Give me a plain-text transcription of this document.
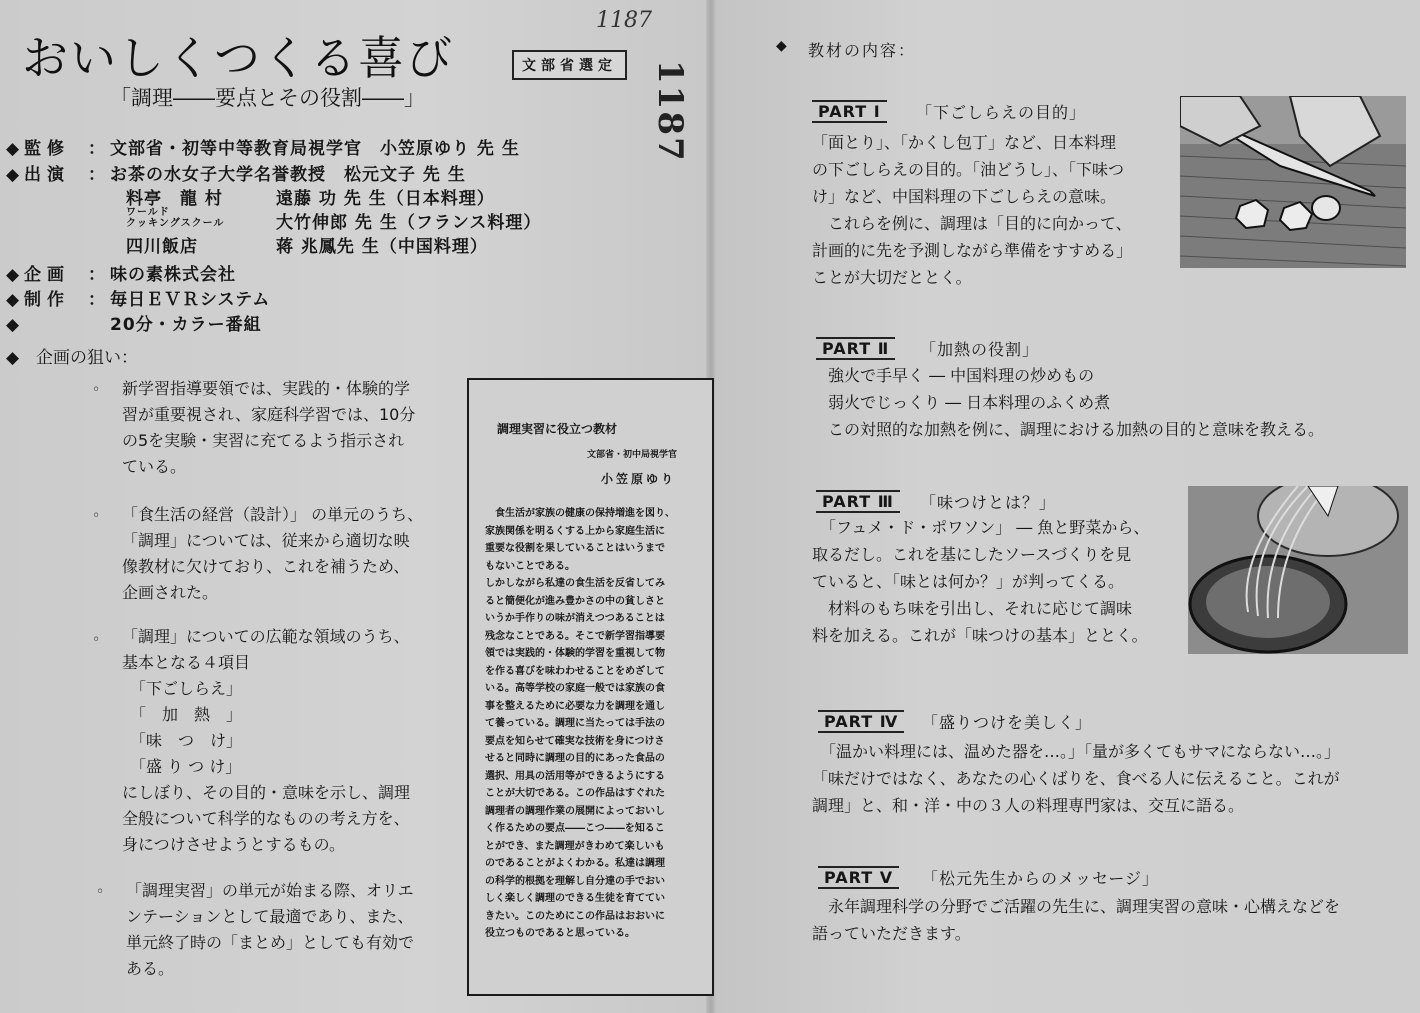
おいしくつくる喜び
「調理――要点とその役割――」
文部省選定
1187
1187
◆ 監修 ： 文部省・初等中等教育局視学官　小笠原ゆり 先 生
◆ 出演 ： お茶の水女子大学名誉教授　松元文子 先 生
料亭　龍 村	遠藤 功 先 生（日本料理）
ワールド
クッキングスクール	大竹伸郎 先 生（フランス料理）
四川飯店	蒋 兆鳳先 生（中国料理）
◆ 企画 ： 味の素株式会社
◆ 制作 ： 毎日ＥＶＲシステム
◆	20分・カラー番組
◆ 企画の狙い：
◦ 新学習指導要領では、実践的・体験的学
習が重要視され、家庭科学習では、10分
の5を実験・実習に充てるよう指示され
ている。
◦ 「食生活の経営（設計）」 の単元のうち、
「調理」については、従来から適切な映
像教材に欠けており、これを補うため、
企画された。
◦ 「調理」についての広範な領域のうち、
基本となる４項目
　「下ごしらえ」
　「　加　熱　」
　「味　つ　け」
　「盛 り つ け」
にしぼり、その目的・意味を示し、調理
全般について科学的なものの考え方を、
身につけさせようとするもの。
◦ 「調理実習」の単元が始まる際、オリエ
ンテーションとして最適であり、また、
単元終了時の「まとめ」としても有効で
ある。
調理実習に役立つ教材
文部省・初中局視学官
小笠原ゆり
　食生活が家族の健康の保持増進を図り、
家族関係を明るくする上から家庭生活に
重要な役割を果していることはいうまで
もないことである。
しかしながら私達の食生活を反省してみ
ると簡便化が進み豊かさの中の貧しさと
いうか手作りの味が消えつつあることは
残念なことである。そこで新学習指導要
領では実践的・体験的学習を重視して物
を作る喜びを味わわせることをめざして
いる。高等学校の家庭一般では家族の食
事を整えるために必要な力を調理を通し
て養っている。調理に当たっては手法の
要点を知らせて確実な技術を身につけさ
せると同時に調理の目的にあった食品の
選択、用具の活用等ができるようにする
ことが大切である。この作品はすぐれた
調理者の調理作業の展開によっておいし
く作るための要点――こつ――を知るこ
とができ、また調理がきわめて楽しいも
のであることがよくわかる。私達は調理
の科学的根拠を理解し自分達の手でおい
しく楽しく調理のできる生徒を育ててい
きたい。このためにこの作品はおおいに
役立つものであると思っている。
◆ 教材の内容：
PART Ⅰ	「下ごしらえの目的」
「面とり」、「かくし包丁」など、日本料理
の下ごしらえの目的。「油どうし」、「下味つ
け」など、中国料理の下ごしらえの意味。
　これらを例に、調理は「目的に向かって、
計画的に先を予測しながら準備をすすめる」
ことが大切だととく。
PART Ⅱ	「加熱の役割」
　強火で手早く ― 中国料理の炒めもの
　弱火でじっくり ― 日本料理のふくめ煮
　この対照的な加熱を例に、調理における加熱の目的と意味を教える。
PART Ⅲ	「味つけとは？」
　「フュメ・ド・ポワソン」 ― 魚と野菜から、
取るだし。これを基にしたソースづくりを見
ていると、「味とは何か？」が判ってくる。
　材料のもち味を引出し、それに応じて調味
料を加える。これが「味つけの基本」ととく。
PART Ⅳ	「盛りつけを美しく」
　「温かい料理には、温めた器を…。」「量が多くてもサマにならない…。」
「味だけではなく、あなたの心くばりを、食べる人に伝えること。これが
調理」と、和・洋・中の３人の料理専門家は、交互に語る。
PART Ⅴ	「松元先生からのメッセージ」
　永年調理科学の分野でご活躍の先生に、調理実習の意味・心構えなどを
語っていただきます。
